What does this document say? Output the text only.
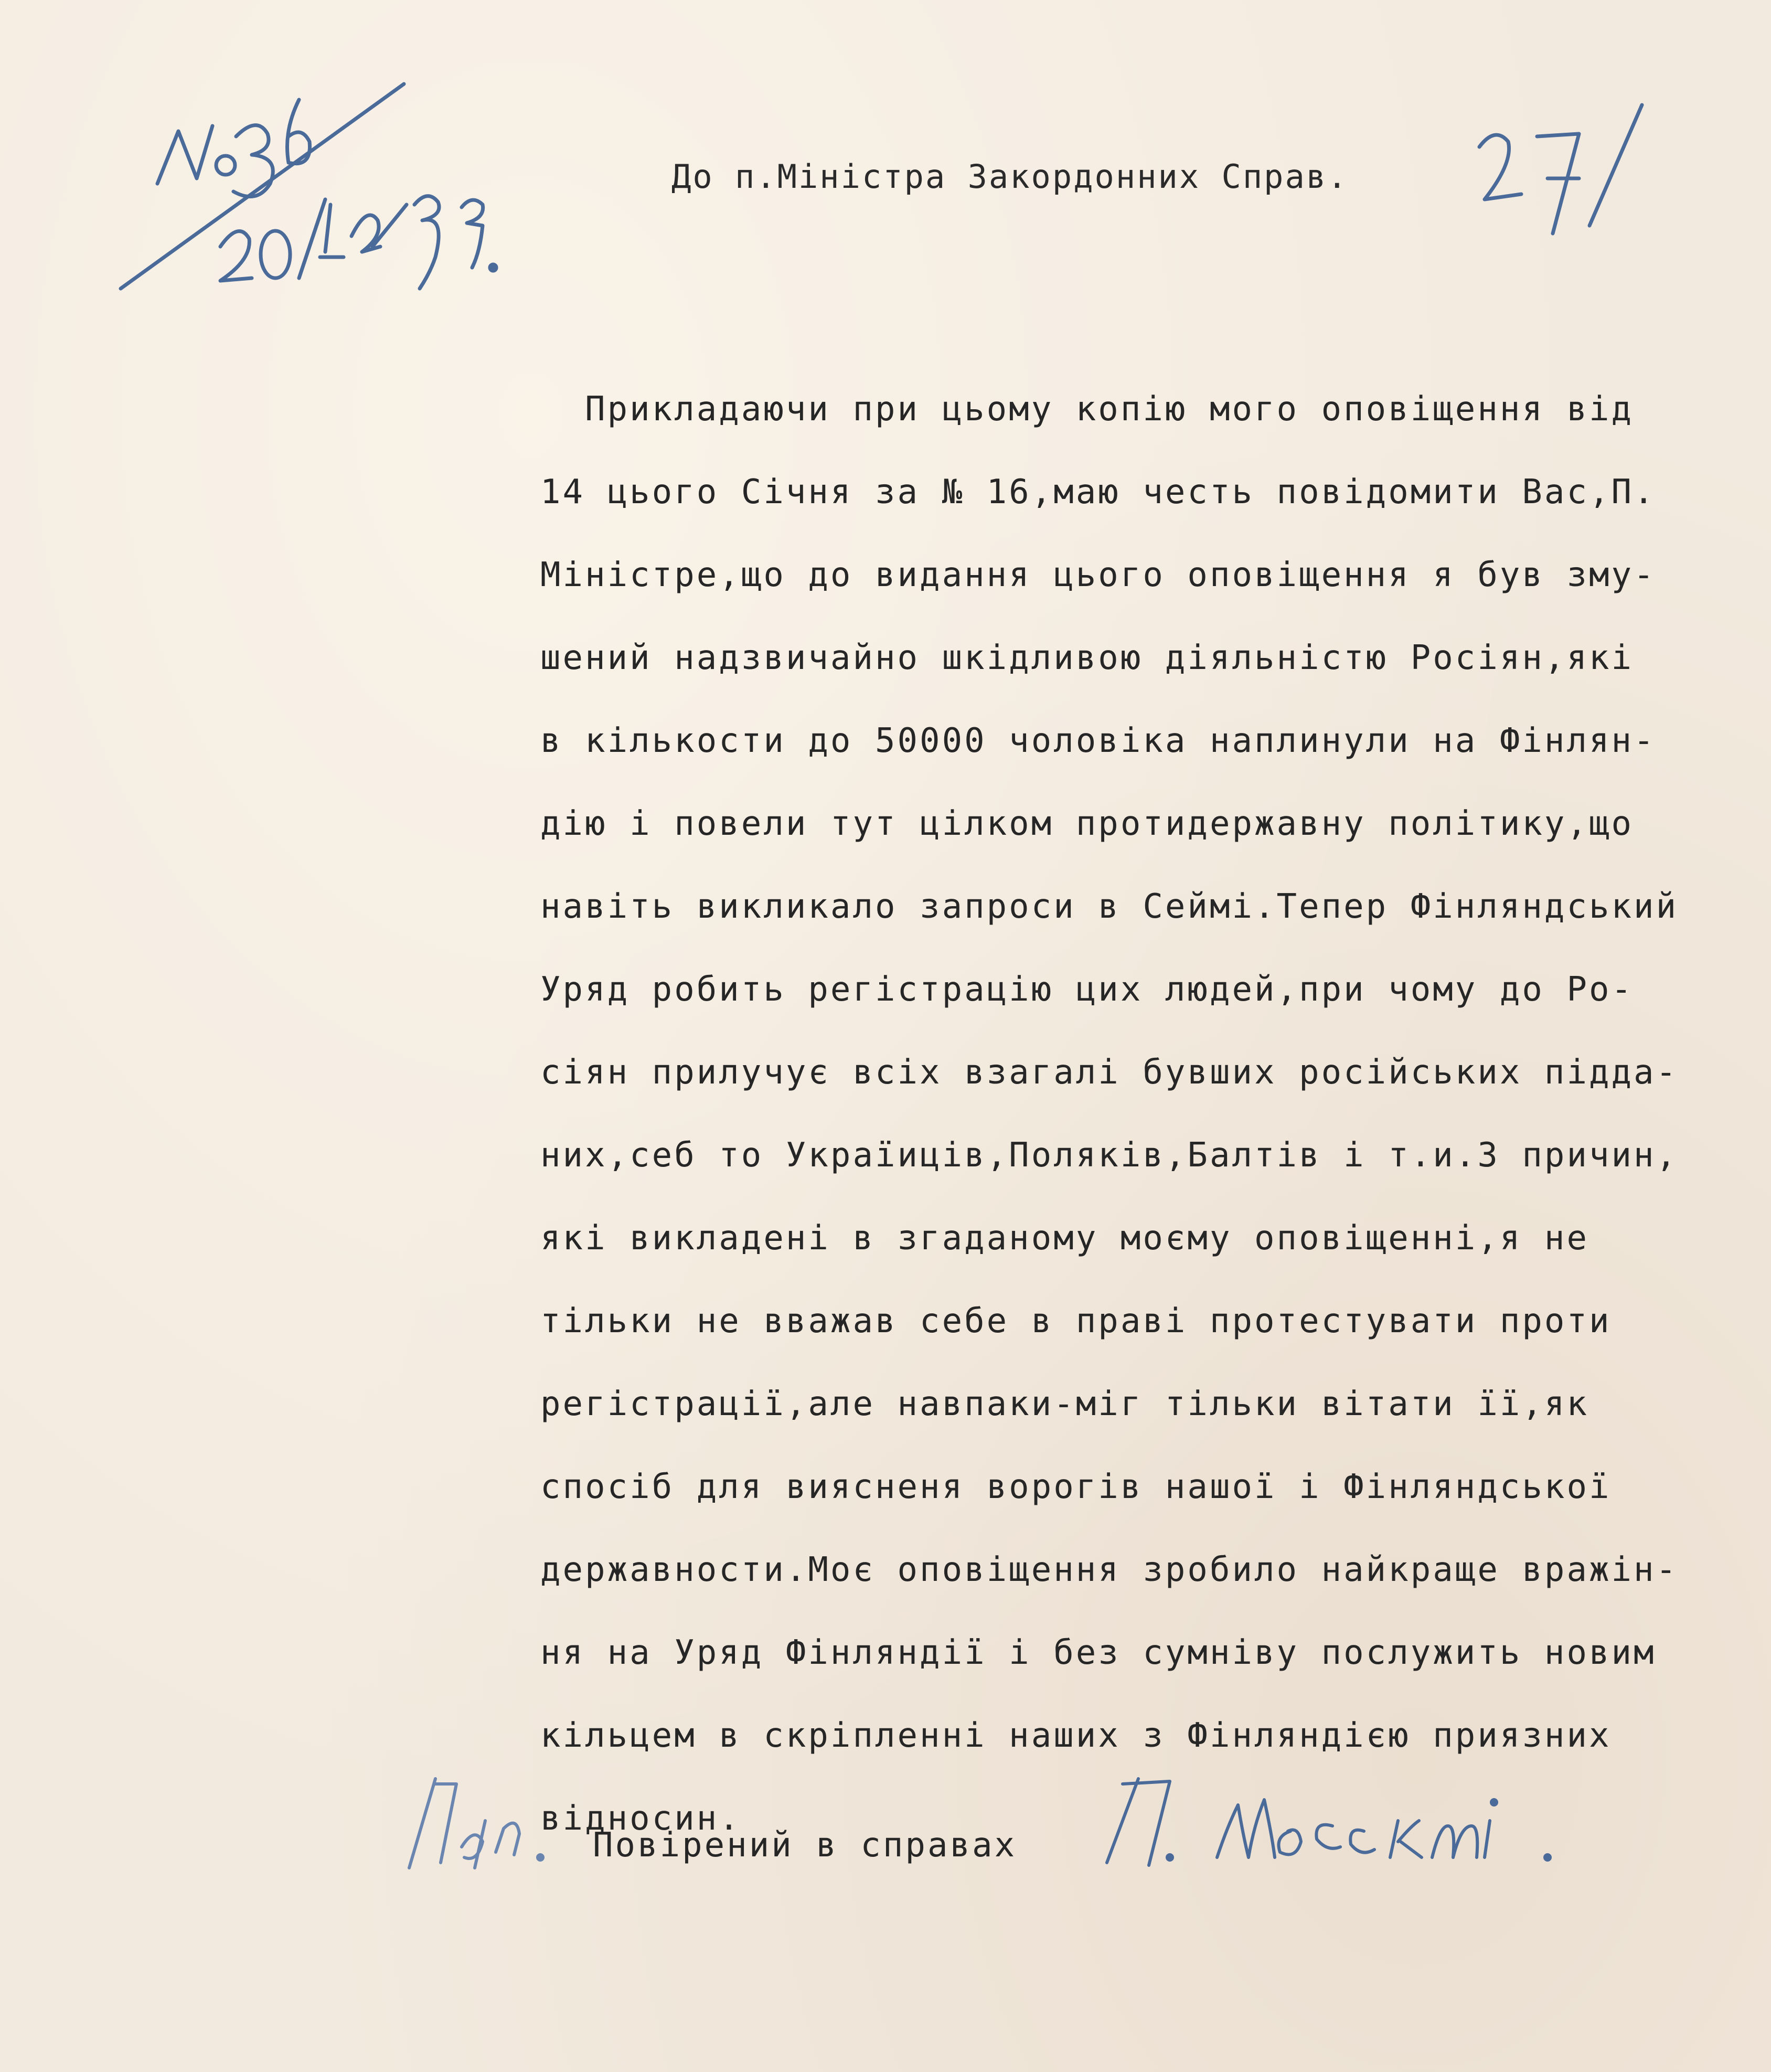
До п.Міністра Закордонних Справ.
Прикладаючи при цьому копію мого оповіщення від
14 цього Січня за № 16,маю честь повідомити Вас,П.
Міністре,що до видання цього оповіщення я був зму-
шений надзвичайно шкідливою діяльністю Росіян,які
в кількости до 50000 чоловіка наплинули на Фінлян-
дію і повели тут цілком протидержавну політику,що
навіть викликало запроси в Сеймі.Тепер Фінляндський
Уряд робить регістрацію цих людей,при чому до Ро-
сіян прилучує всіх взагалі бувших російських підда-
них,себ то Україиців,Поляків,Балтів і т.и.З причин,
які викладені в згаданому моєму оповіщенні,я не
тільки не вважав себе в праві протестувати проти
регістрації,але навпаки-міг тільки вітати її,як
спосіб для виясненя ворогів нашої і Фінляндської
державности.Моє оповіщення зробило найкраще вражін-
ня на Уряд Фінляндії і без сумніву послужить новим
кільцем в скріпленні наших з Фінляндією приязних
відносин.
Повірений в справах
